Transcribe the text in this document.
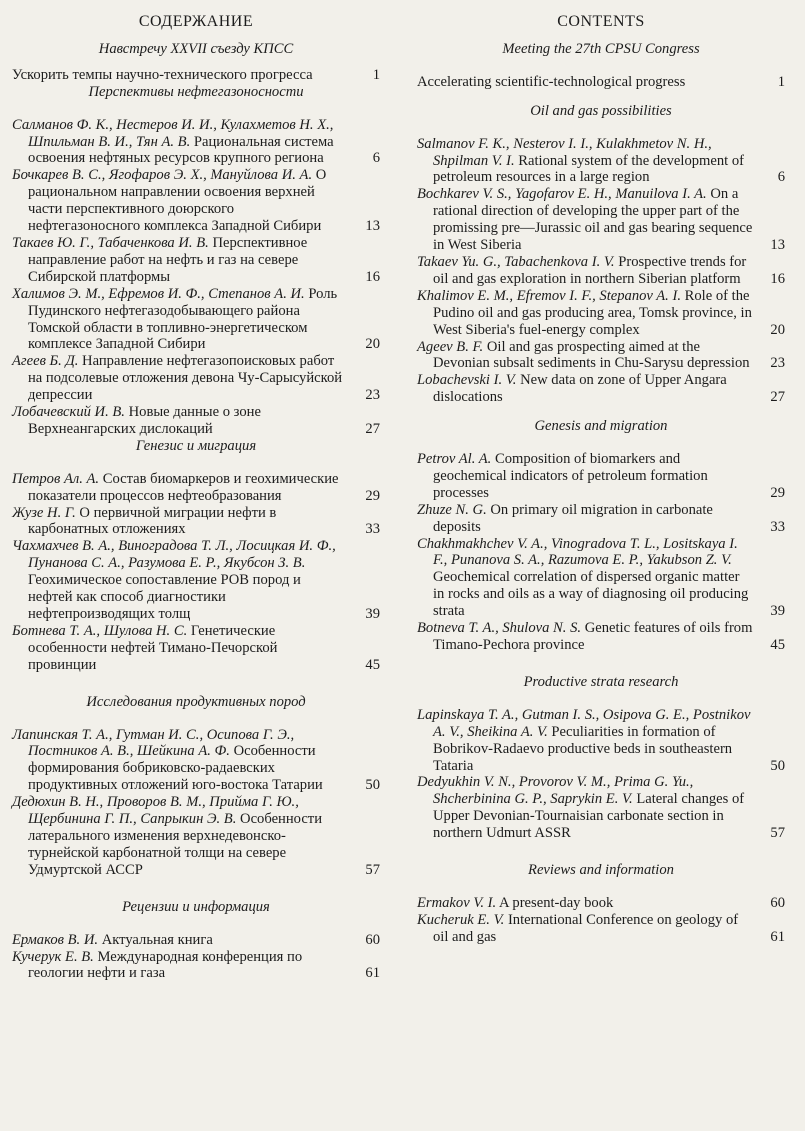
СОДЕРЖАНИЕ
Навстречу XXVII съезду КПСС
Ускорить темпы научно-технического прогресса	1
Перспективы нефтегазоносности
Салманов Ф. К., Нестеров И. И., Кулахметов Н. Х., Шпильман В. И., Тян А. В. Рациональная система освоения нефтяных ресурсов крупного региона	6
Бочкарев В. С., Ягофаров Э. Х., Мануйлова И. А. О рациональном направлении освоения верхней части перспективного доюрского нефтегазоносного комплекса Западной Сибири	13
Такаев Ю. Г., Табаченкова И. В. Перспективное направление работ на нефть и газ на севере Сибирской платформы	16
Халимов Э. М., Ефремов И. Ф., Степанов А. И. Роль Пудинского нефтегазодобывающего района Томской области в топливно-энергетическом комплексе Западной Сибири	20
Агеев Б. Д. Направление нефтегазопоисковых работ на подсолевые отложения девона Чу-Сарысуйской депрессии	23
Лобачевский И. В. Новые данные о зоне Верхнеангарских дислокаций	27
Генезис и миграция
Петров Ал. А. Состав биомаркеров и геохимические показатели процессов нефтеобразования	29
Жузе Н. Г. О первичной миграции нефти в карбонатных отложениях	33
Чахмахчев В. А., Виноградова Т. Л., Лосицкая И. Ф., Пунанова С. А., Разумова Е. Р., Якубсон З. В. Геохимическое сопоставление РОВ пород и нефтей как способ диагностики нефтепроизводящих толщ	39
Ботнева Т. А., Шулова Н. С. Генетические особенности нефтей Тимано-Печорской провинции	45
Исследования продуктивных пород
Лапинская Т. А., Гутман И. С., Осипова Г. Э., Постников А. В., Шейкина А. Ф. Особенности формирования бобриковско-радаевских продуктивных отложений юго-востока Татарии	50
Дедюхин В. Н., Проворов В. М., Прийма Г. Ю., Щербинина Г. П., Сапрыкин Э. В. Особенности латерального изменения верхнедевонско-турнейской карбонатной толщи на севере Удмуртской АССР	57
Рецензии и информация
Ермаков В. И. Актуальная книга	60
Кучерук Е. В. Международная конференция по геологии нефти и газа	61
CONTENTS
Meeting the 27th CPSU Congress
Accelerating scientific-technological progress	1
Oil and gas possibilities
Salmanov F. K., Nesterov I. I., Kulakhmetov N. H., Shpilman V. I. Rational system of the development of petroleum resources in a large region	6
Bochkarev V. S., Yagofarov E. H., Manuilova I. A. On a rational direction of developing the upper part of the promissing pre—Jurassic oil and gas bearing sequence in West Siberia	13
Takaev Yu. G., Tabachenkova I. V. Prospective trends for oil and gas exploration in northern Siberian platform	16
Khalimov E. M., Efremov I. F., Stepanov A. I. Role of the Pudino oil and gas producing area, Tomsk province, in West Siberia's fuel-energy complex	20
Ageev B. F. Oil and gas prospecting aimed at the Devonian subsalt sediments in Chu-Sarysu depression	23
Lobachevski I. V. New data on zone of Upper Angara dislocations	27
Genesis and migration
Petrov Al. A. Composition of biomarkers and geochemical indicators of petroleum formation processes	29
Zhuze N. G. On primary oil migration in carbonate deposits	33
Chakhmakhchev V. A., Vinogradova T. L., Lositskaya I. F., Punanova S. A., Razumova E. P., Yakubson Z. V. Geochemical correlation of dispersed organic matter in rocks and oils as a way of diagnosing oil producing strata	39
Botneva T. A., Shulova N. S. Genetic features of oils from Timano-Pechora province	45
Productive strata research
Lapinskaya T. A., Gutman I. S., Osipova G. E., Postnikov A. V., Sheikina A. V. Peculiarities in formation of Bobrikov-Radaevo productive beds in southeastern Tataria	50
Dedyukhin V. N., Provorov V. M., Prima G. Yu., Shcherbinina G. P., Saprykin E. V. Lateral changes of Upper Devonian-Tournaisian carbonate section in northern Udmurt ASSR	57
Reviews and information
Ermakov V. I. A present-day book	60
Kucheruk E. V. International Conference on geology of oil and gas	61
